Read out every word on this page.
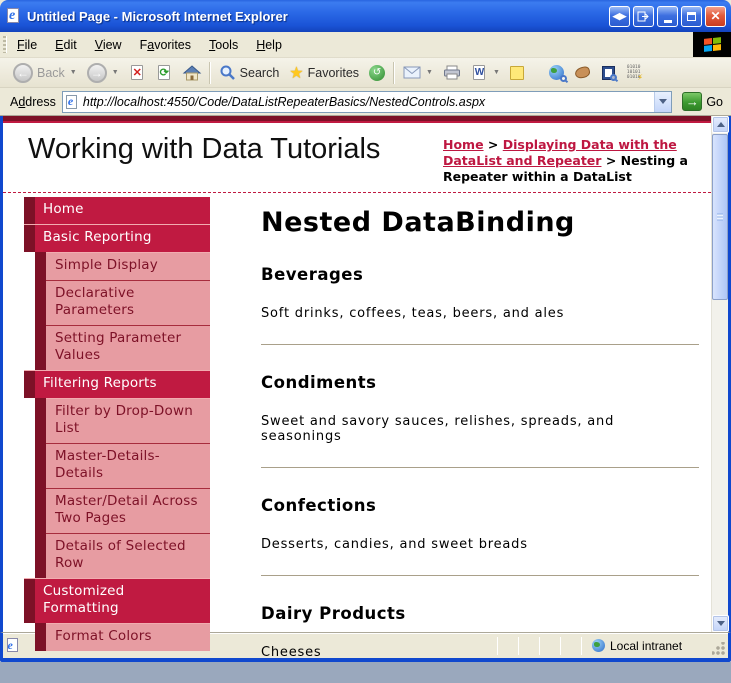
e Untitled Page - Microsoft Internet Explorer	◀▶	✕
File Edit View Favorites Tools Help
← Back ▼	→	▼ ✕ ⟳	Search ★ Favorites	↺	▼	W ▼
01010
10101
01010 ⚡
Address	e http://localhost:4550/Code/DataListRepeaterBasics/NestedControls.aspx	→ Go
Working with Data Tutorials	Home > Displaying Data with the DataList and Repeater > Nesting a Repeater within a DataList
Home
Basic Reporting
Simple Display
Declarative Parameters
Setting Parameter Values
Filtering Reports
Filter by Drop-Down List
Master-Details-Details
Master/Detail Across Two Pages
Details of Selected Row
Customized Formatting
Format Colors
Nested DataBinding
Beverages

Soft drinks, coffees, teas, beers, and ales

Condiments

Sweet and savory sauces, relishes, spreads, and seasonings

Confections

Desserts, candies, and sweet breads

Dairy Products

Cheeses

e	Local intranet
